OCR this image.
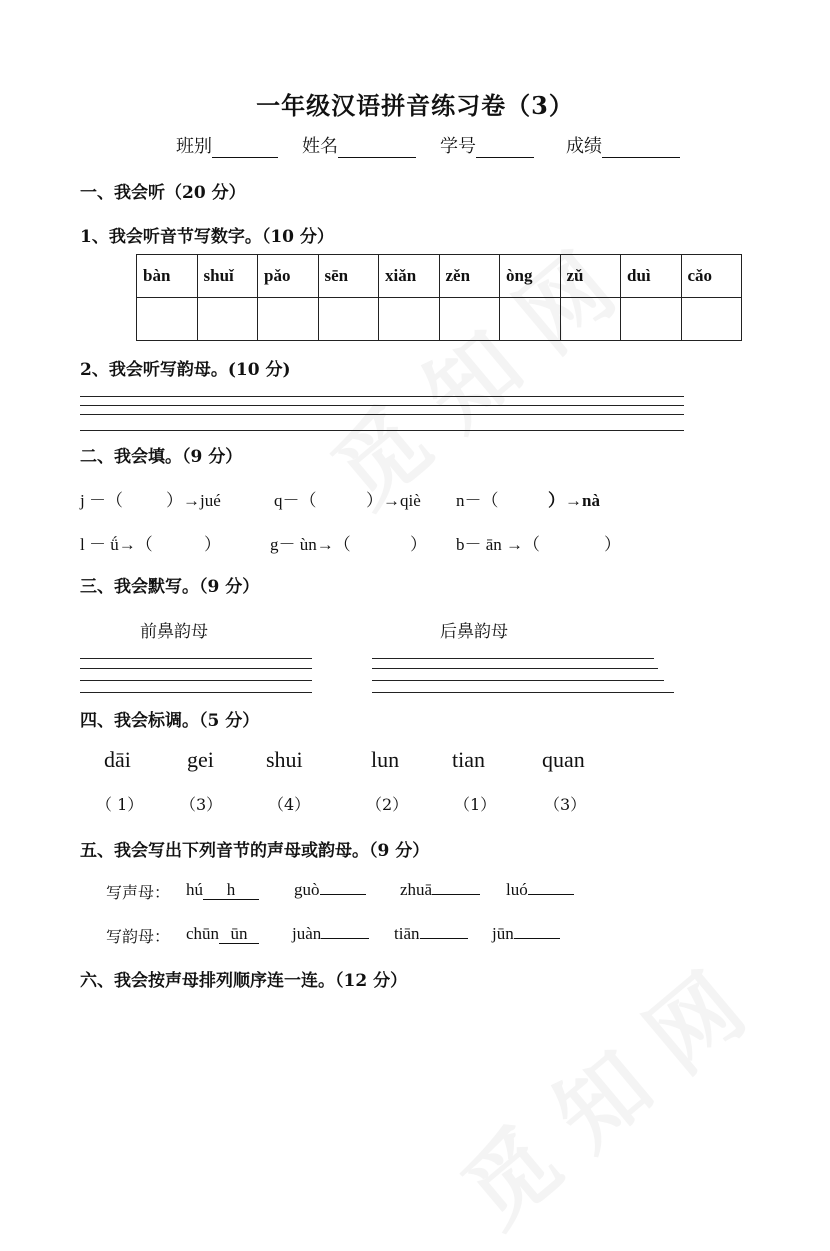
一年级汉语拼音练习卷（3）
班别	姓名	学号	成绩
一、我会听（20 分）
1、我会听音节写数字。（10 分）
bàn	shuǐ	pǎo	sēn	xiǎn	zěn	òng	zǔ	duì	cǎo

2、我会听写韵母。(10 分)
二、我会填。（9 分）
j －（	）→jué	q－（	）→qiè n－（	）→nà
l － ǘ→（	）	g－ ùn→（	） b－ ān →（	）
三、我会默写。（9 分）
前鼻韵母	后鼻韵母
四、我会标调。（5 分）
dāi	gei shui	lun tian	quan
（ 1） （3）	（4）	（2）	（1）	（3）
五、我会写出下列音节的声母或韵母。（9 分）
写声母： hú h	guò	zhuā	luó
写韵母： chūn ūn	juàn	tiān	jūn
六、我会按声母排列顺序连一连。（12 分）
